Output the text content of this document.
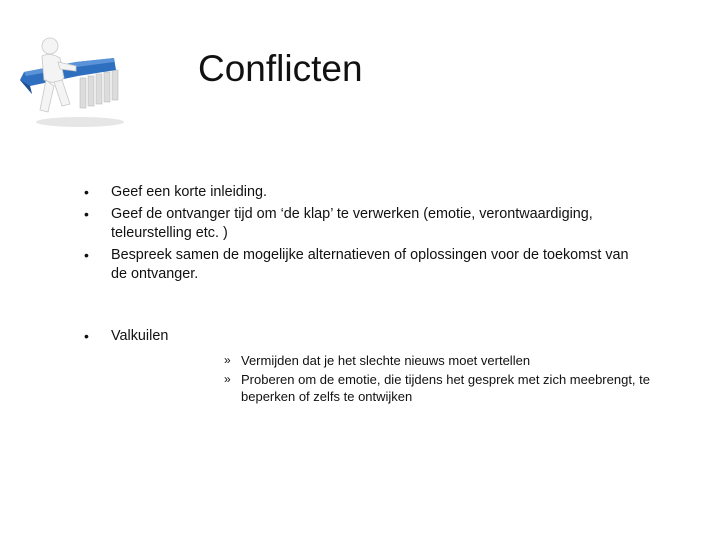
Conflicten
• Geef een korte inleiding.
• Geef de ontvanger tijd om ‘de klap’ te verwerken (emotie, verontwaardiging, teleurstelling etc. )
• Bespreek samen de mogelijke alternatieven of oplossingen voor de toekomst van de ontvanger.
• Valkuilen
» Vermijden dat je het slechte nieuws moet vertellen
» Proberen om de emotie, die tijdens het gesprek met zich meebrengt, te beperken of zelfs te ontwijken
